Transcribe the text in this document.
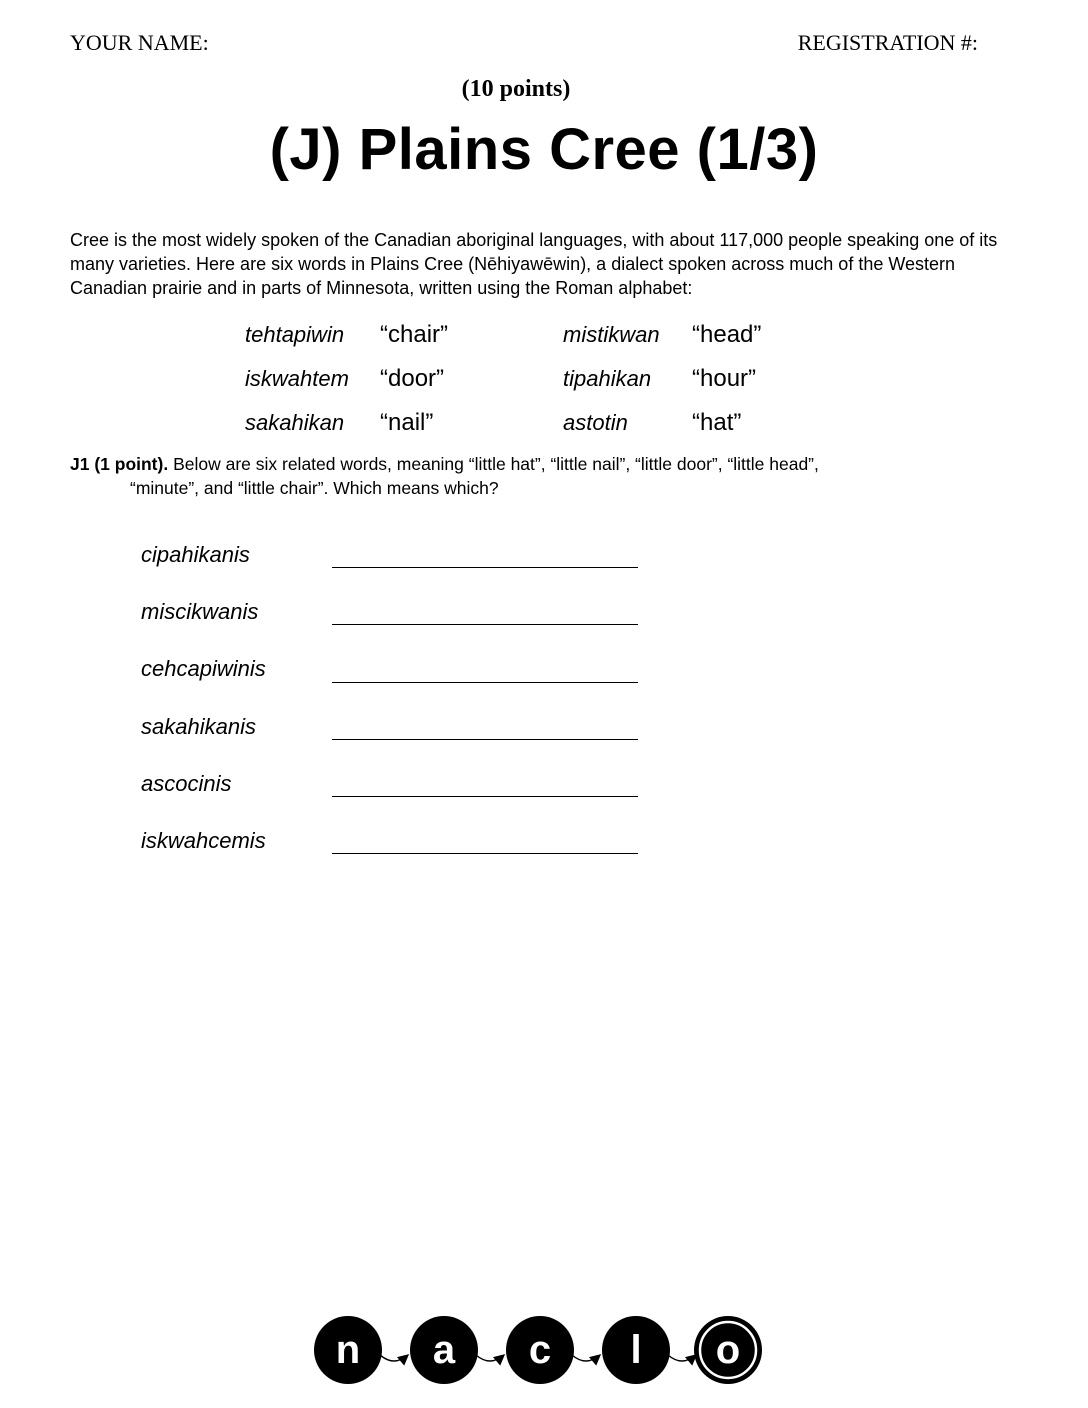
YOUR NAME:	REGISTRATION #:
(10 points)
(J) Plains Cree (1/3)
Cree is the most widely spoken of the Canadian aboriginal languages, with about 117,000 people speaking one of its many varieties. Here are six words in Plains Cree (Nēhiyawēwin), a dialect spoken across much of the Western Canadian prairie and in parts of Minnesota, written using the Roman alphabet:
tehtapiwin “chair”	mistikwan “head”
iskwahtem “door”	tipahikan “hour”
sakahikan “nail”	astotin	“hat”
J1 (1 point). Below are six related words, meaning “little hat”, “little nail”, “little door”, “little head”,
“minute”, and “little chair”. Which means which?
cipahikanis
miscikwanis
cehcapiwinis
sakahikanis
ascocinis
iskwahcemis
n a c l o
